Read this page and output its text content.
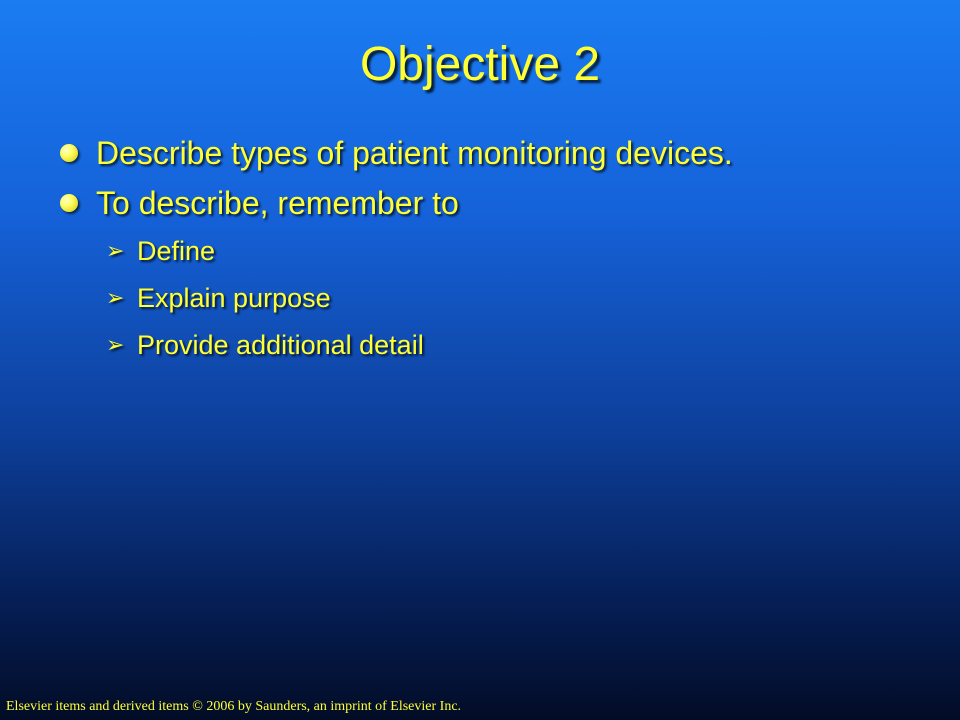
Objective 2
Describe types of patient monitoring devices.
To describe, remember to
➢ Define
➢ Explain purpose
➢ Provide additional detail
Elsevier items and derived items © 2006 by Saunders, an imprint of Elsevier Inc.
